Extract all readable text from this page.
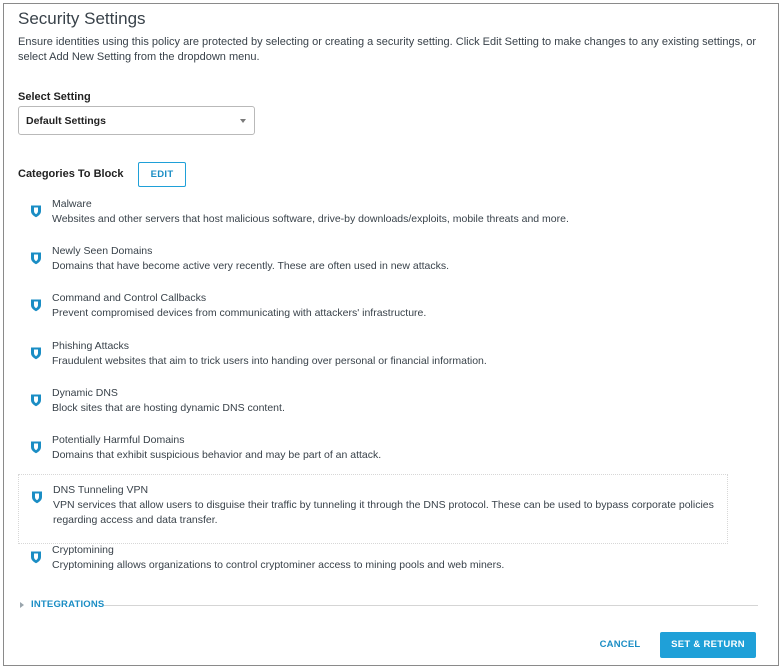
Security Settings
Ensure identities using this policy are protected by selecting or creating a security setting. Click Edit Setting to make changes to any existing settings, or select Add New Setting from the dropdown menu.
Select Setting
Default Settings
Categories To Block	EDIT
Malware
Websites and other servers that host malicious software, drive-by downloads/exploits, mobile threats and more.
Newly Seen Domains
Domains that have become active very recently. These are often used in new attacks.
Command and Control Callbacks
Prevent compromised devices from communicating with attackers' infrastructure.
Phishing Attacks
Fraudulent websites that aim to trick users into handing over personal or financial information.
Dynamic DNS
Block sites that are hosting dynamic DNS content.
Potentially Harmful Domains
Domains that exhibit suspicious behavior and may be part of an attack.
DNS Tunneling VPN
VPN services that allow users to disguise their traffic by tunneling it through the DNS protocol. These can be used to bypass corporate policies regarding access and data transfer.
Cryptomining
Cryptomining allows organizations to control cryptominer access to mining pools and web miners.
INTEGRATIONS
CANCEL	SET & RETURN
